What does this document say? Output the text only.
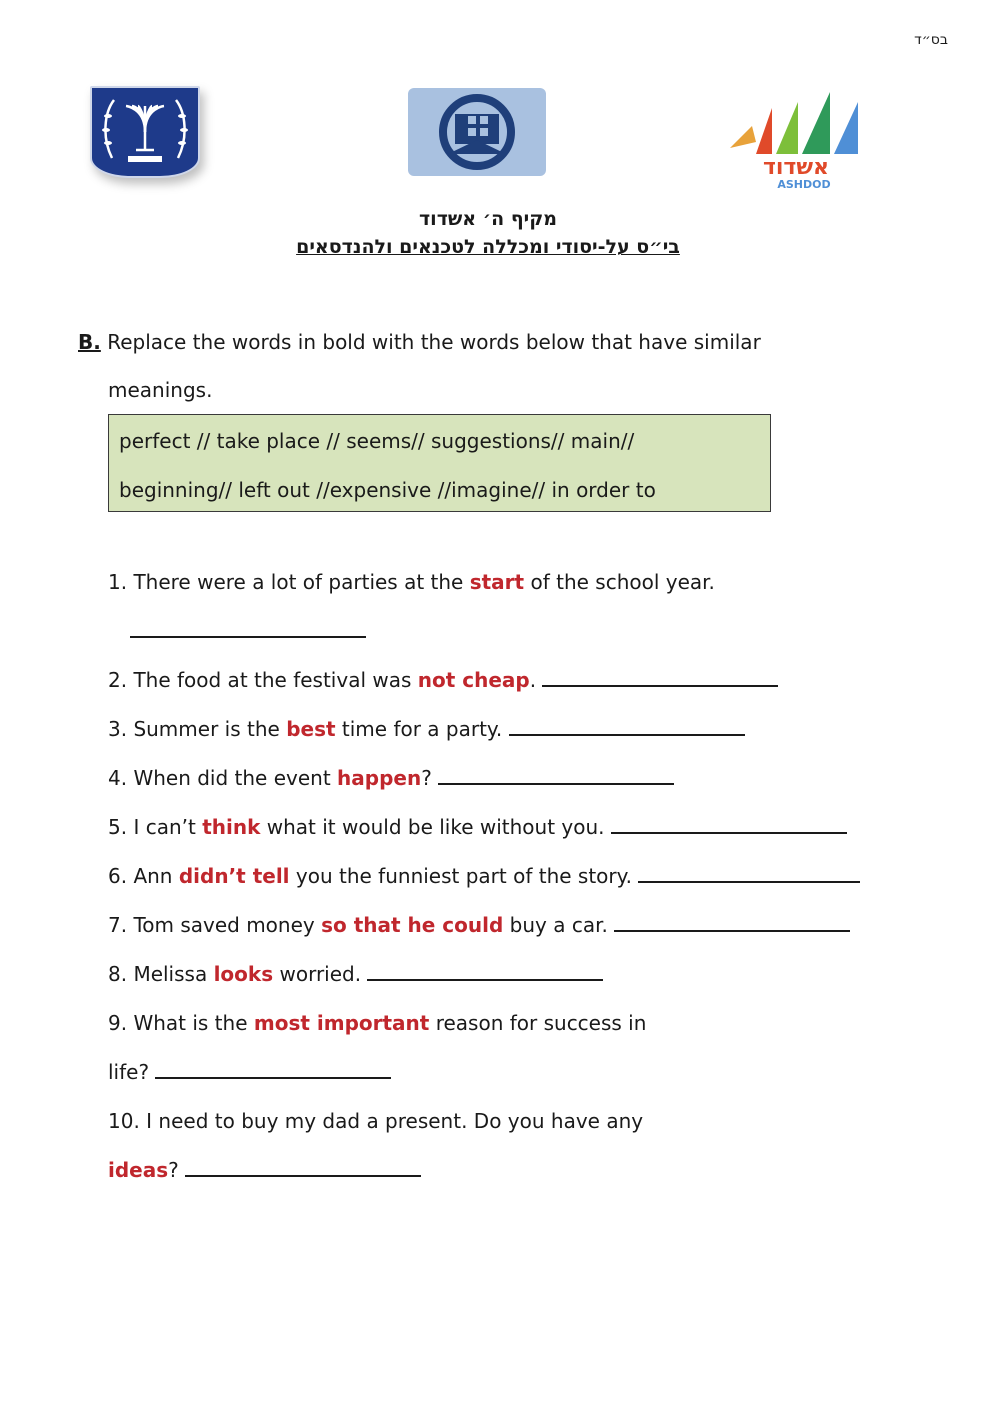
בס״ד
אשדוד
ASHDOD
מקיף ה׳ אשדוד
בי״ס על-יסודי ומכללה לטכנאים ולהנדסאים
B. Replace the words in bold with the words below that have similar
meanings.
perfect // take place // seems// suggestions// main//
beginning// left out //expensive //imagine// in order to
1. There were a lot of parties at the start of the school year.
2. The food at the festival was not cheap.
3. Summer is the best time for a party.
4. When did the event happen?
5. I can’t think what it would be like without you.
6. Ann didn’t tell you the funniest part of the story.
7. Tom saved money so that he could buy a car.
8. Melissa looks worried.
9. What is the most important reason for success in
life?
10. I need to buy my dad a present. Do you have any
ideas?
